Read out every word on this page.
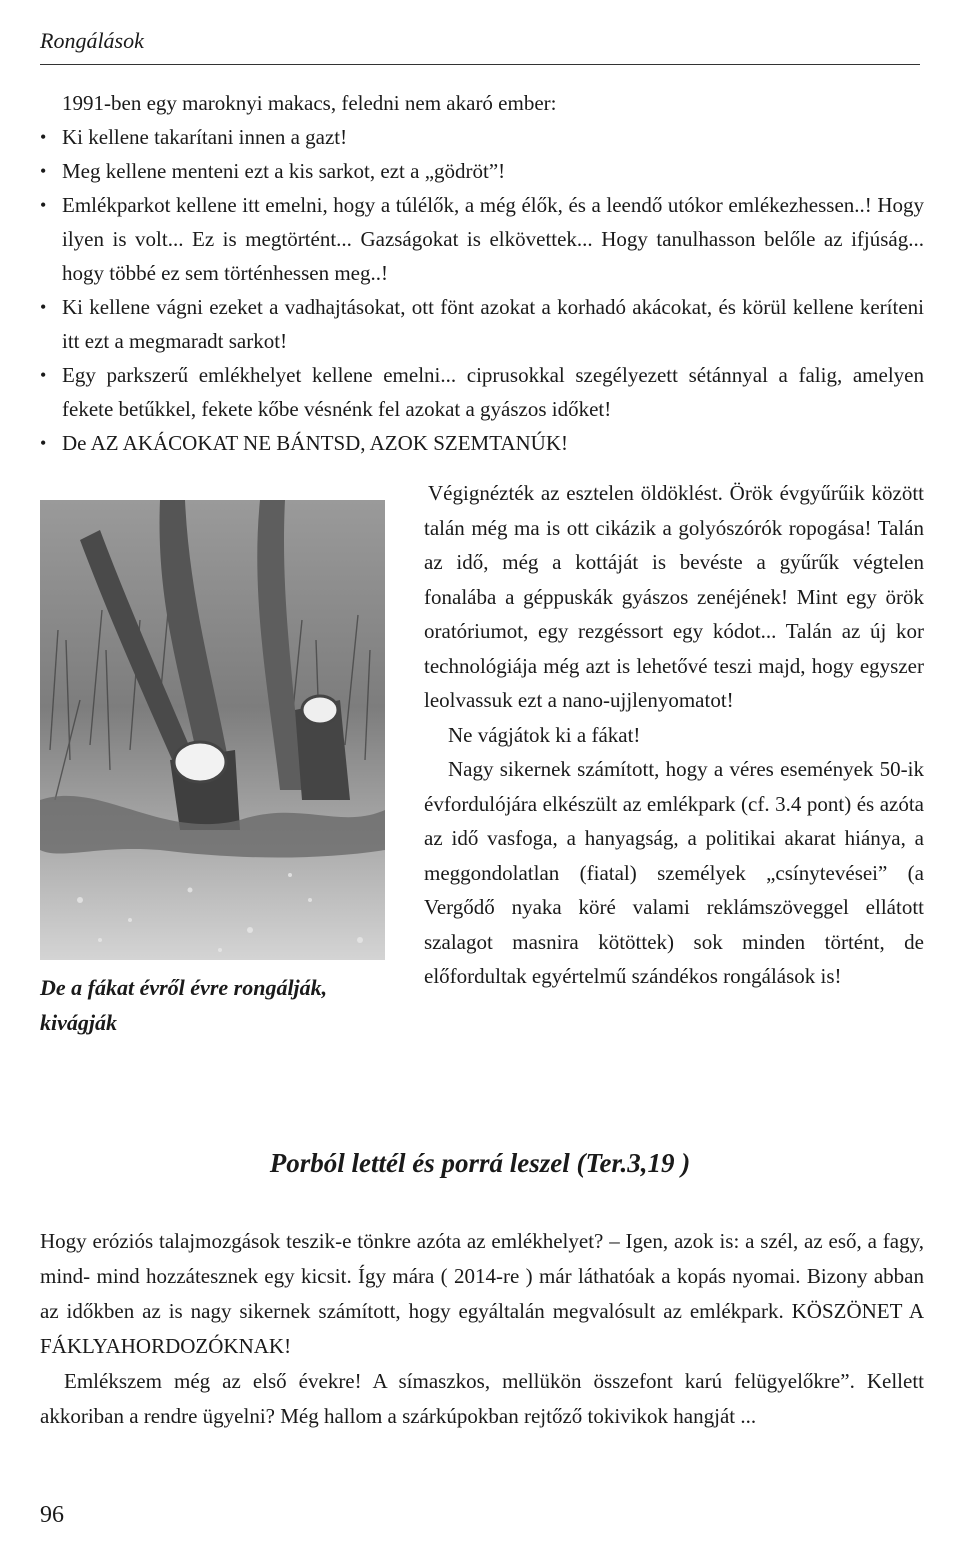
Rongálások

1991-ben egy maroknyi makacs, feledni nem akaró ember:

• Ki kellene takarítani innen a gazt!
• Meg kellene menteni ezt a kis sarkot, ezt a „gödröt”!
• Emlékparkot kellene itt emelni, hogy a túlélők, a még élők, és a leendő utókor emlékezhessen..! Hogy ilyen is volt... Ez is megtörtént... Gazságokat is elkövettek... Hogy tanulhasson belőle az ifjúság... hogy többé ez sem történhessen meg..!
• Ki kellene vágni ezeket a vadhajtásokat, ott fönt azokat a korhadó akácokat, és körül kellene keríteni itt ezt a megmaradt sarkot!
• Egy parkszerű emlékhelyet kellene emelni... ciprusokkal szegélyezett sétánnyal a falig, amelyen fekete betűkkel, fekete kőbe vésnénk fel azokat a gyászos időket!
• De AZ AKÁCOKAT NE BÁNTSD, AZOK SZEMTANÚK!
De a fákat évről évre rongálják, kivágják

Végignézték az esztelen öldöklést. Örök évgyűrűik között talán még ma is ott cikázik a golyószórók ropogása! Talán az idő, még a kottáját is bevéste a gyűrűk végtelen fonalába a géppuskák gyászos zenéjének! Mint egy örök oratóriumot, egy rezgéssort egy kódot... Talán az új kor technológiája még azt is lehetővé teszi majd, hogy egyszer leolvassuk ezt a nano-ujjlenyomatot!

Ne vágjátok ki a fákat!

Nagy sikernek számított, hogy a véres események 50-ik évfordulójára elkészült az emlékpark (cf. 3.4 pont) és azóta az idő vasfoga, a hanyagság, a politikai akarat hiánya, a meggondolatlan (fiatal) személyek „csínytevései” (a Vergődő nyaka köré valami reklámszöveggel ellátott szalagot masnira kötöttek) sok minden történt, de előfordultak egyértelmű szándékos rongálások is!

Porból lettél és porrá leszel (Ter.3,19 )

Hogy eróziós talajmozgások teszik-e tönkre azóta az emlékhelyet? – Igen, azok is: a szél, az eső, a fagy, mind- mind hozzátesznek egy kicsit. Így mára ( 2014-re ) már láthatóak a kopás nyomai. Bizony abban az időkben az is nagy sikernek számított, hogy egyáltalán megvalósult az emlékpark. KÖSZÖNET A FÁKLYAHORDOZÓKNAK!

Emlékszem még az első évekre! A símaszkos, mellükön összefont karú felügyelőkre”. Kellett akkoriban a rendre ügyelni? Még hallom a szárkúpokban rejtőző tokivikok hangját ...

96
